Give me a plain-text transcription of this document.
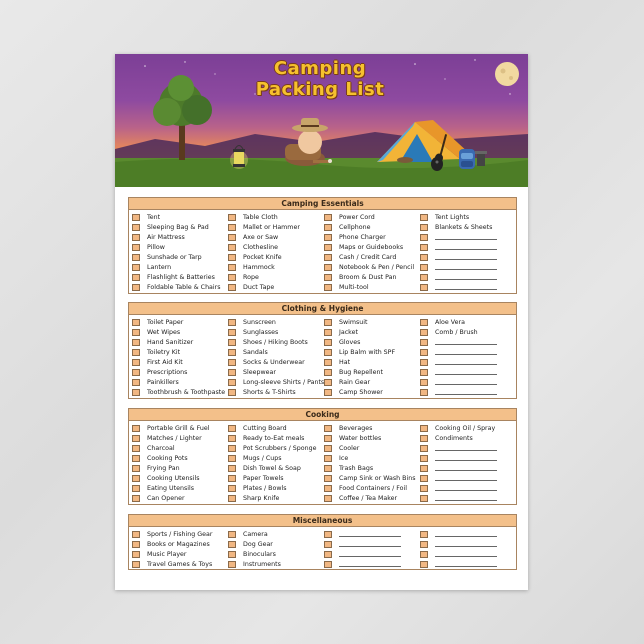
Camping
Packing List
Camping Essentials
Tent
Sleeping Bag & Pad
Air Mattress
Pillow
Sunshade or Tarp
Lantern
Flashlight & Batteries
Foldable Table & Chairs
Table Cloth
Mallet or Hammer
Axe or Saw
Clothesline
Pocket Knife
Hammock
Rope
Duct Tape
Power Cord
Cellphone
Phone Charger
Maps or Guidebooks
Cash / Credit Card
Notebook & Pen / Pencil
Broom & Dust Pan
Multi-tool
Tent Lights
Blankets & Sheets
Clothing & Hygiene
Toilet Paper
Wet Wipes
Hand Sanitizer
Toiletry Kit
First Aid Kit
Prescriptions
Painkillers
Toothbrush & Toothpaste
Sunscreen
Sunglasses
Shoes / Hiking Boots
Sandals
Socks & Underwear
Sleepwear
Long-sleeve Shirts / Pants
Shorts & T-Shirts
Swimsuit
Jacket
Gloves
Lip Balm with SPF
Hat
Bug Repellent
Rain Gear
Camp Shower
Aloe Vera
Comb / Brush
Cooking
Portable Grill & Fuel
Matches / Lighter
Charcoal
Cooking Pots
Frying Pan
Cooking Utensils
Eating Utensils
Can Opener
Cutting Board
Ready to-Eat meals
Pot Scrubbers / Sponge
Mugs / Cups
Dish Towel & Soap
Paper Towels
Plates / Bowls
Sharp Knife
Beverages
Water bottles
Cooler
Ice
Trash Bags
Camp Sink or Wash Bins
Food Containers / Foil
Coffee / Tea Maker
Cooking Oil / Spray
Condiments
Miscellaneous
Sports / Fishing Gear
Books or Magazines
Music Player
Travel Games & Toys
Camera
Dog Gear
Binoculars
Instruments
